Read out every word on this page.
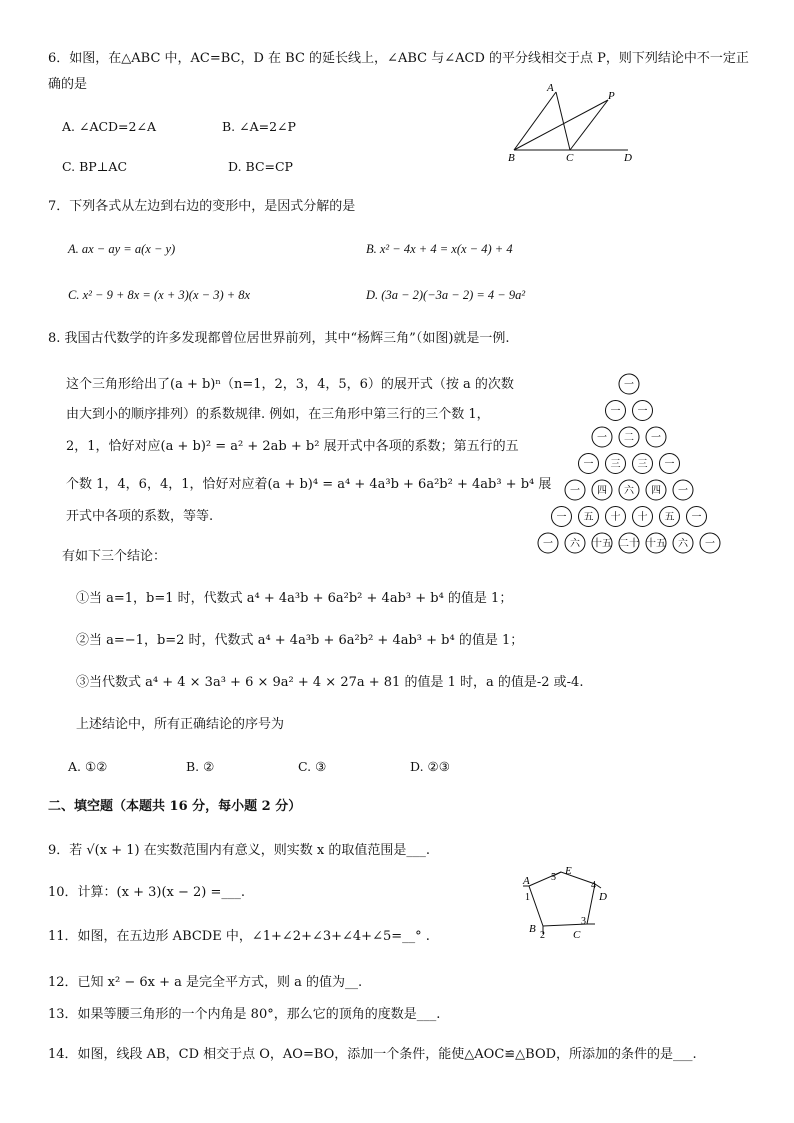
6．如图，在△ABC 中，AC=BC，D 在 BC 的延长线上，∠ABC 与∠ACD 的平分线相交于点 P，则下列结论中不一定正
确的是
A. ∠ACD=2∠A	B. ∠A=2∠P
C. BP⊥AC	D. BC=CP
A
P
B	C	D
7．下列各式从左边到右边的变形中，是因式分解的是
A. ax − ay = a(x − y)	B. x² − 4x + 4 = x(x − 4) + 4
C. x² − 9 + 8x = (x + 3)(x − 3) + 8x	D. (3a − 2)(−3a − 2) = 4 − 9a²
8. 我国古代数学的许多发现都曾位居世界前列，其中“杨辉三角”（如图)就是一例.
这个三角形给出了(a + b)ⁿ（n=1，2，3，4，5，6）的展开式（按 a 的次数
由大到小的顺序排列）的系数规律. 例如，在三角形中第三行的三个数 1，
2，1，恰好对应(a + b)² = a² + 2ab + b² 展开式中各项的系数；第五行的五
个数 1，4，6，4，1，恰好对应着(a + b)⁴ = a⁴ + 4a³b + 6a²b² + 4ab³ + b⁴ 展
开式中各项的系数，等等.
有如下三个结论：
①当 a=1，b=1 时，代数式 a⁴ + 4a³b + 6a²b² + 4ab³ + b⁴ 的值是 1；
②当 a=−1，b=2 时，代数式 a⁴ + 4a³b + 6a²b² + 4ab³ + b⁴ 的值是 1；
③当代数式 a⁴ + 4 × 3a³ + 6 × 9a² + 4 × 27a + 81 的值是 1 时，a 的值是-2 或-4.
上述结论中，所有正确结论的序号为
A. ①②	B. ②	C. ③	D. ②③
一
一 一
一 二 一
一 三 三 一
一 四 六 四 一
一 五 十 十 五 一
一 六 十五 二十 十五 六 一
二、填空题（本题共 16 分，每小题 2 分）
9．若 √(x + 1) 在实数范围内有意义，则实数 x 的取值范围是___.
10．计算：(x + 3)(x − 2) =___.
11．如图，在五边形 ABCDE 中，∠1+∠2+∠3+∠4+∠5=__° .
A
B	C
D
E
1
2
3
4
5
12．已知 x² − 6x + a 是完全平方式，则 a 的值为__.
13．如果等腰三角形的一个内角是 80°，那么它的顶角的度数是___.
14．如图，线段 AB，CD 相交于点 O，AO=BO，添加一个条件，能使△AOC≌△BOD，所添加的条件的是___.
